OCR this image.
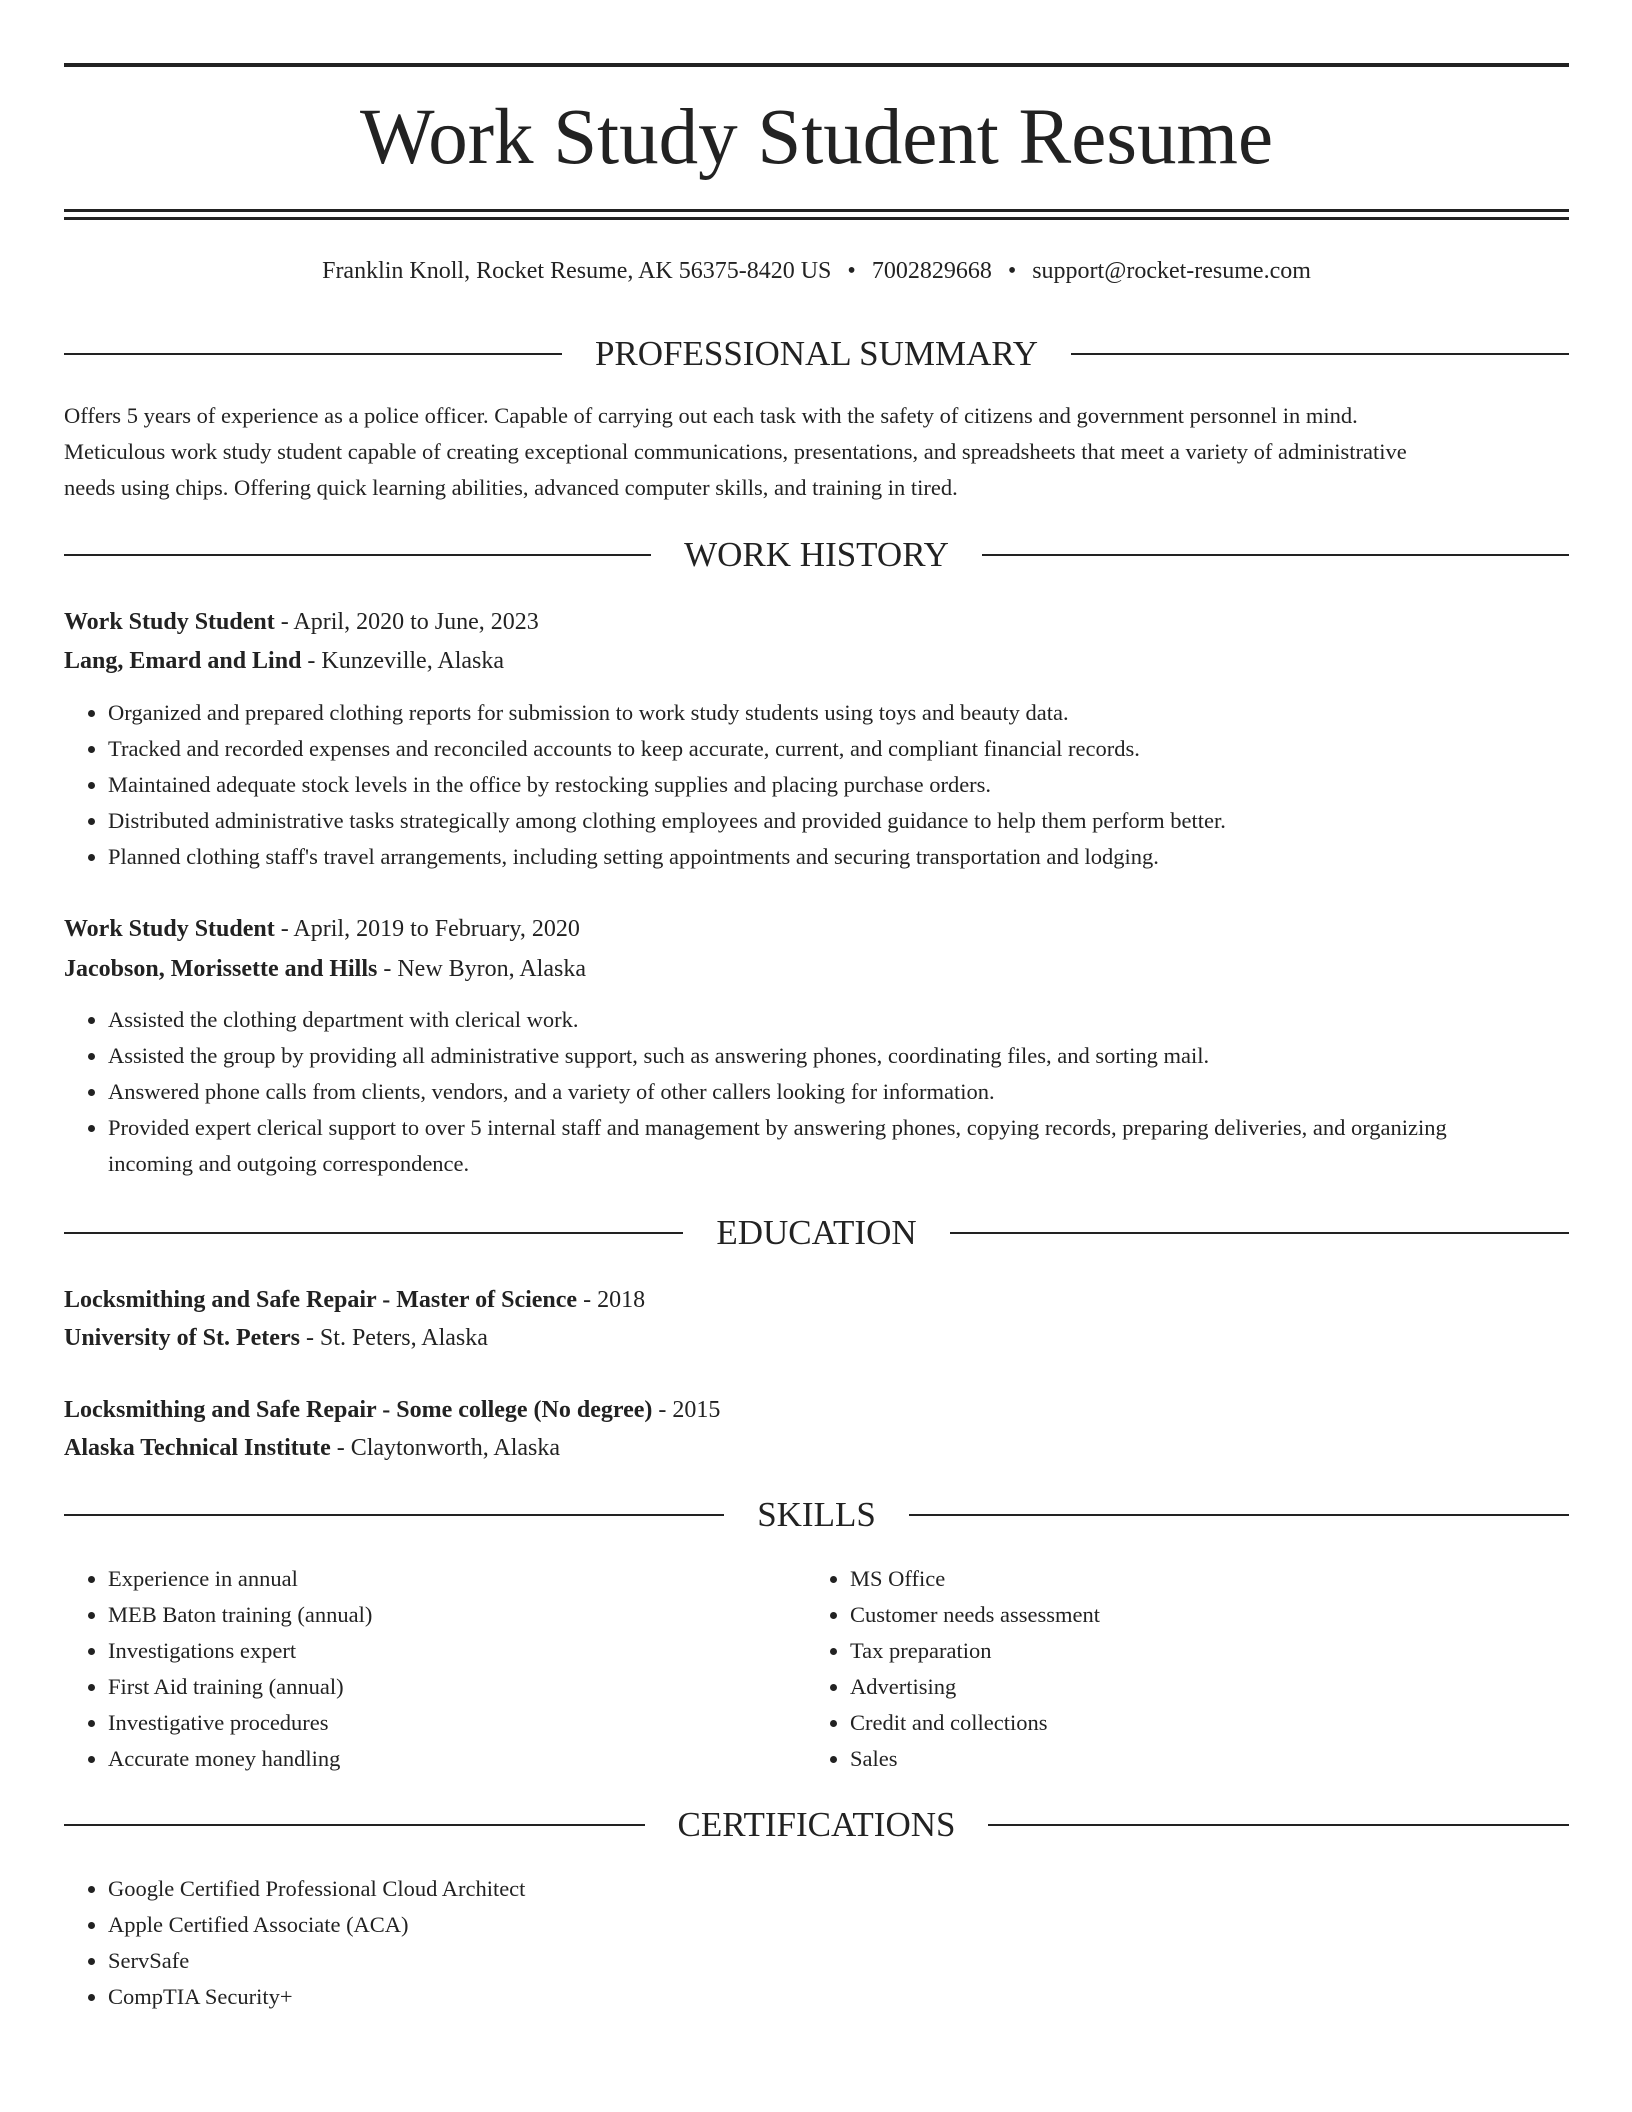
Work Study Student Resume
Franklin Knoll, Rocket Resume, AK 56375-8420 US • 7002829668 • support@rocket-resume.com
PROFESSIONAL SUMMARY
Offers 5 years of experience as a police officer. Capable of carrying out each task with the safety of citizens and government personnel in mind.
Meticulous work study student capable of creating exceptional communications, presentations, and spreadsheets that meet a variety of administrative
needs using chips. Offering quick learning abilities, advanced computer skills, and training in tired.
WORK HISTORY
Work Study Student - April, 2020 to June, 2023
Lang, Emard and Lind - Kunzeville, Alaska
• Organized and prepared clothing reports for submission to work study students using toys and beauty data.
• Tracked and recorded expenses and reconciled accounts to keep accurate, current, and compliant financial records.
• Maintained adequate stock levels in the office by restocking supplies and placing purchase orders.
• Distributed administrative tasks strategically among clothing employees and provided guidance to help them perform better.
• Planned clothing staff's travel arrangements, including setting appointments and securing transportation and lodging.
Work Study Student - April, 2019 to February, 2020
Jacobson, Morissette and Hills - New Byron, Alaska
• Assisted the clothing department with clerical work.
• Assisted the group by providing all administrative support, such as answering phones, coordinating files, and sorting mail.
• Answered phone calls from clients, vendors, and a variety of other callers looking for information.
• Provided expert clerical support to over 5 internal staff and management by answering phones, copying records, preparing deliveries, and organizing incoming and outgoing correspondence.
EDUCATION
Locksmithing and Safe Repair - Master of Science - 2018
University of St. Peters - St. Peters, Alaska
Locksmithing and Safe Repair - Some college (No degree) - 2015
Alaska Technical Institute - Claytonworth, Alaska
SKILLS
• Experience in annual
• MEB Baton training (annual)
• Investigations expert
• First Aid training (annual)
• Investigative procedures
• Accurate money handling
• MS Office
• Customer needs assessment
• Tax preparation
• Advertising
• Credit and collections
• Sales
CERTIFICATIONS
• Google Certified Professional Cloud Architect
• Apple Certified Associate (ACA)
• ServSafe
• CompTIA Security+
